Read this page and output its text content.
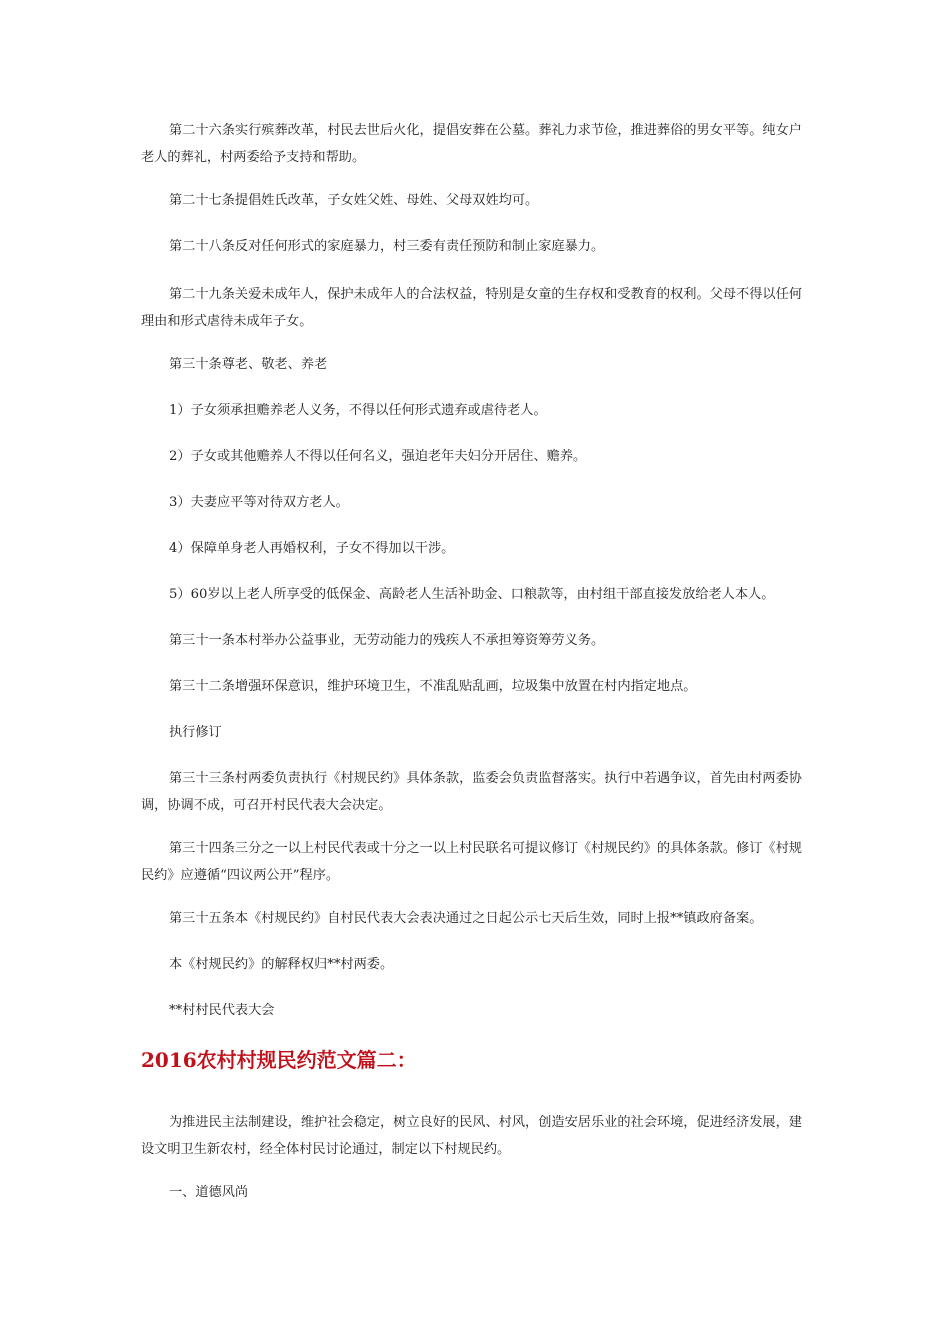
第二十六条实行殡葬改革，村民去世后火化，提倡安葬在公墓。葬礼力求节俭，推进葬俗的男女平等。纯女户老人的葬礼，村两委给予支持和帮助。

第二十七条提倡姓氏改革，子女姓父姓、母姓、父母双姓均可。

第二十八条反对任何形式的家庭暴力，村三委有责任预防和制止家庭暴力。

第二十九条关爱未成年人，保护未成年人的合法权益，特别是女童的生存权和受教育的权利。父母不得以任何理由和形式虐待未成年子女。

第三十条尊老、敬老、养老

1）子女须承担赡养老人义务，不得以任何形式遗弃或虐待老人。

2）子女或其他赡养人不得以任何名义，强迫老年夫妇分开居住、赡养。

3）夫妻应平等对待双方老人。

4）保障单身老人再婚权利，子女不得加以干涉。

5）60岁以上老人所享受的低保金、高龄老人生活补助金、口粮款等，由村组干部直接发放给老人本人。

第三十一条本村举办公益事业，无劳动能力的残疾人不承担筹资筹劳义务。

第三十二条增强环保意识，维护环境卫生，不准乱贴乱画，垃圾集中放置在村内指定地点。

执行修订

第三十三条村两委负责执行《村规民约》具体条款，监委会负责监督落实。执行中若遇争议，首先由村两委协调，协调不成，可召开村民代表大会决定。

第三十四条三分之一以上村民代表或十分之一以上村民联名可提议修订《村规民约》的具体条款。修订《村规民约》应遵循“四议两公开”程序。

第三十五条本《村规民约》自村民代表大会表决通过之日起公示七天后生效，同时上报**镇政府备案。

本《村规民约》的解释权归**村两委。

**村村民代表大会

2016农村村规民约范文篇二：

为推进民主法制建设，维护社会稳定，树立良好的民风、村风，创造安居乐业的社会环境，促进经济发展，建设文明卫生新农村，经全体村民讨论通过，制定以下村规民约。

一、道德风尚
